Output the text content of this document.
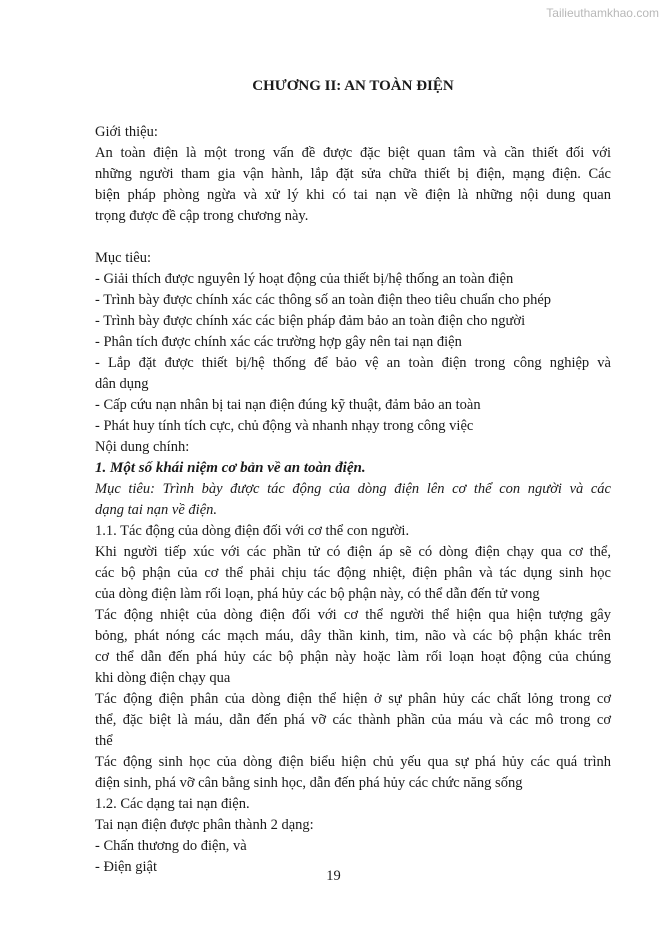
Tailieuthamkhao.com
CHƯƠNG II: AN TOÀN ĐIỆN

Giới thiệu:

An toàn điện là một trong vấn đề được đặc biệt quan tâm và cần thiết đối với

những người tham gia vận hành, lắp đặt sửa chữa thiết bị điện, mạng điện. Các

biện pháp phòng ngừa và xử lý khi có tai nạn về điện là những nội dung quan

trọng được đề cập trong chương này.

Mục tiêu:

- Giải thích được nguyên lý hoạt động của thiết bị/hệ thống an toàn điện

- Trình bày được chính xác các thông số an toàn điện theo tiêu chuẩn cho phép

- Trình bày được chính xác các biện pháp đảm bảo an toàn điện cho người

- Phân tích được chính xác các trường hợp gây nên tai nạn điện

- Lắp đặt được thiết bị/hệ thống để bảo vệ an toàn điện trong công nghiệp và

dân dụng

- Cấp cứu nạn nhân bị tai nạn điện đúng kỹ thuật, đảm bảo an toàn

- Phát huy tính tích cực, chủ động và nhanh nhạy trong công việc

Nội dung chính:

1. Một số khái niệm cơ bản về an toàn điện.

Mục tiêu: Trình bày được tác động của dòng điện lên cơ thể con người và các

dạng tai nạn về điện.

1.1. Tác động của dòng điện đối với cơ thể con người.

Khi người tiếp xúc với các phần tử có điện áp sẽ có dòng điện chạy qua cơ thể,

các bộ phận của cơ thể phải chịu tác động nhiệt, điện phân và tác dụng sinh học

của dòng điện làm rối loạn, phá hủy các bộ phận này, có thể dẫn đến tử vong

Tác động nhiệt của dòng điện đối với cơ thể người thể hiện qua hiện tượng gây

bỏng, phát nóng các mạch máu, dây thần kinh, tim, não và các bộ phận khác trên

cơ thể dẫn đến phá hủy các bộ phận này hoặc làm rối loạn hoạt động của chúng

khi dòng điện chạy qua

Tác động điện phân của dòng điện thể hiện ở sự phân hủy các chất lỏng trong cơ

thể, đặc biệt là máu, dẫn đến phá vỡ các thành phần của máu và các mô trong cơ

thể

Tác động sinh học của dòng điện biểu hiện chủ yếu qua sự phá hủy các quá trình

điện sinh, phá vỡ cân bằng sinh học, dẫn đến phá hủy các chức năng sống

1.2. Các dạng tai nạn điện.

Tai nạn điện được phân thành 2 dạng:

- Chấn thương do điện, và

- Điện giật

19
